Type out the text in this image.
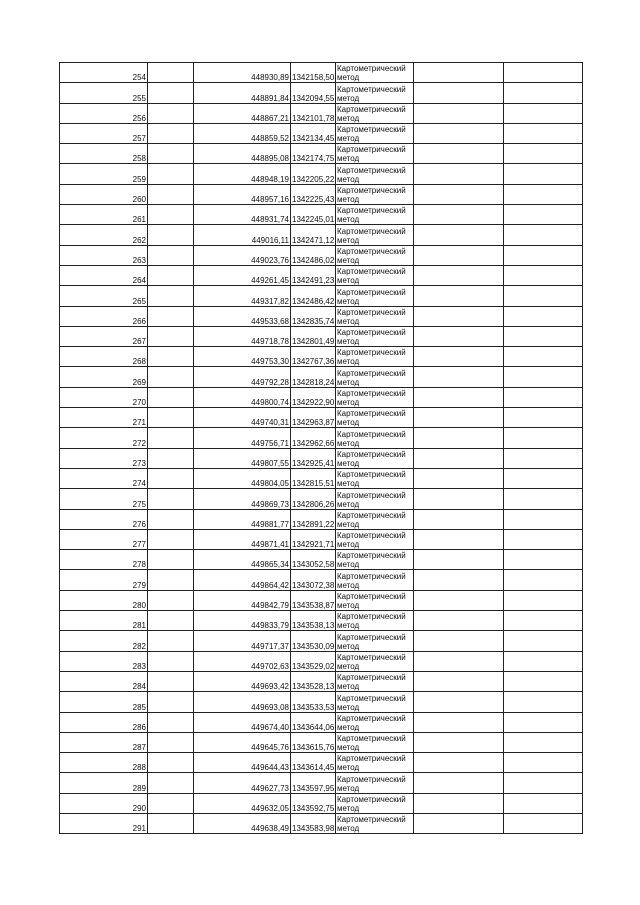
254		448930,89	1342158,50	Картометрический
метод		

255		448891,84	1342094,55	Картометрический
метод		

256		448867,21	1342101,78	Картометрический
метод		

257		448859,52	1342134,45	Картометрический
метод		

258		448895,08	1342174,75	Картометрический
метод		

259		448948,19	1342205,22	Картометрический
метод		

260		448957,16	1342225,43	Картометрический
метод		

261		448931,74	1342245,01	Картометрический
метод		

262		449016,11	1342471,12	Картометрический
метод		

263		449023,76	1342486,02	Картометрический
метод		

264		449261,45	1342491,23	Картометрический
метод		

265		449317,82	1342486,42	Картометрический
метод		

266		449533,68	1342835,74	Картометрический
метод		

267		449718,78	1342801,49	Картометрический
метод		

268		449753,30	1342767,36	Картометрический
метод		

269		449792,28	1342818,24	Картометрический
метод		

270		449800,74	1342922,90	Картометрический
метод		

271		449740,31	1342963,87	Картометрический
метод		

272		449756,71	1342962,66	Картометрический
метод		

273		449807,55	1342925,41	Картометрический
метод		

274		449804,05	1342815,51	Картометрический
метод		

275		449869,73	1342806,26	Картометрический
метод		

276		449881,77	1342891,22	Картометрический
метод		

277		449871,41	1342921,71	Картометрический
метод		

278		449865,34	1343052,58	Картометрический
метод		

279		449864,42	1343072,38	Картометрический
метод		

280		449842,79	1343538,87	Картометрический
метод		

281		449833,79	1343538,13	Картометрический
метод		

282		449717,37	1343530,09	Картометрический
метод		

283		449702,63	1343529,02	Картометрический
метод		

284		449693,42	1343528,13	Картометрический
метод		

285		449693,08	1343533,53	Картометрический
метод		

286		449674,40	1343644,06	Картометрический
метод		

287		449645,76	1343615,76	Картометрический
метод		

288		449644,43	1343614,45	Картометрический
метод		

289		449627,73	1343597,95	Картометрический
метод		

290		449632,05	1343592,75	Картометрический
метод		

291		449638,49	1343583,98	Картометрический
метод		
